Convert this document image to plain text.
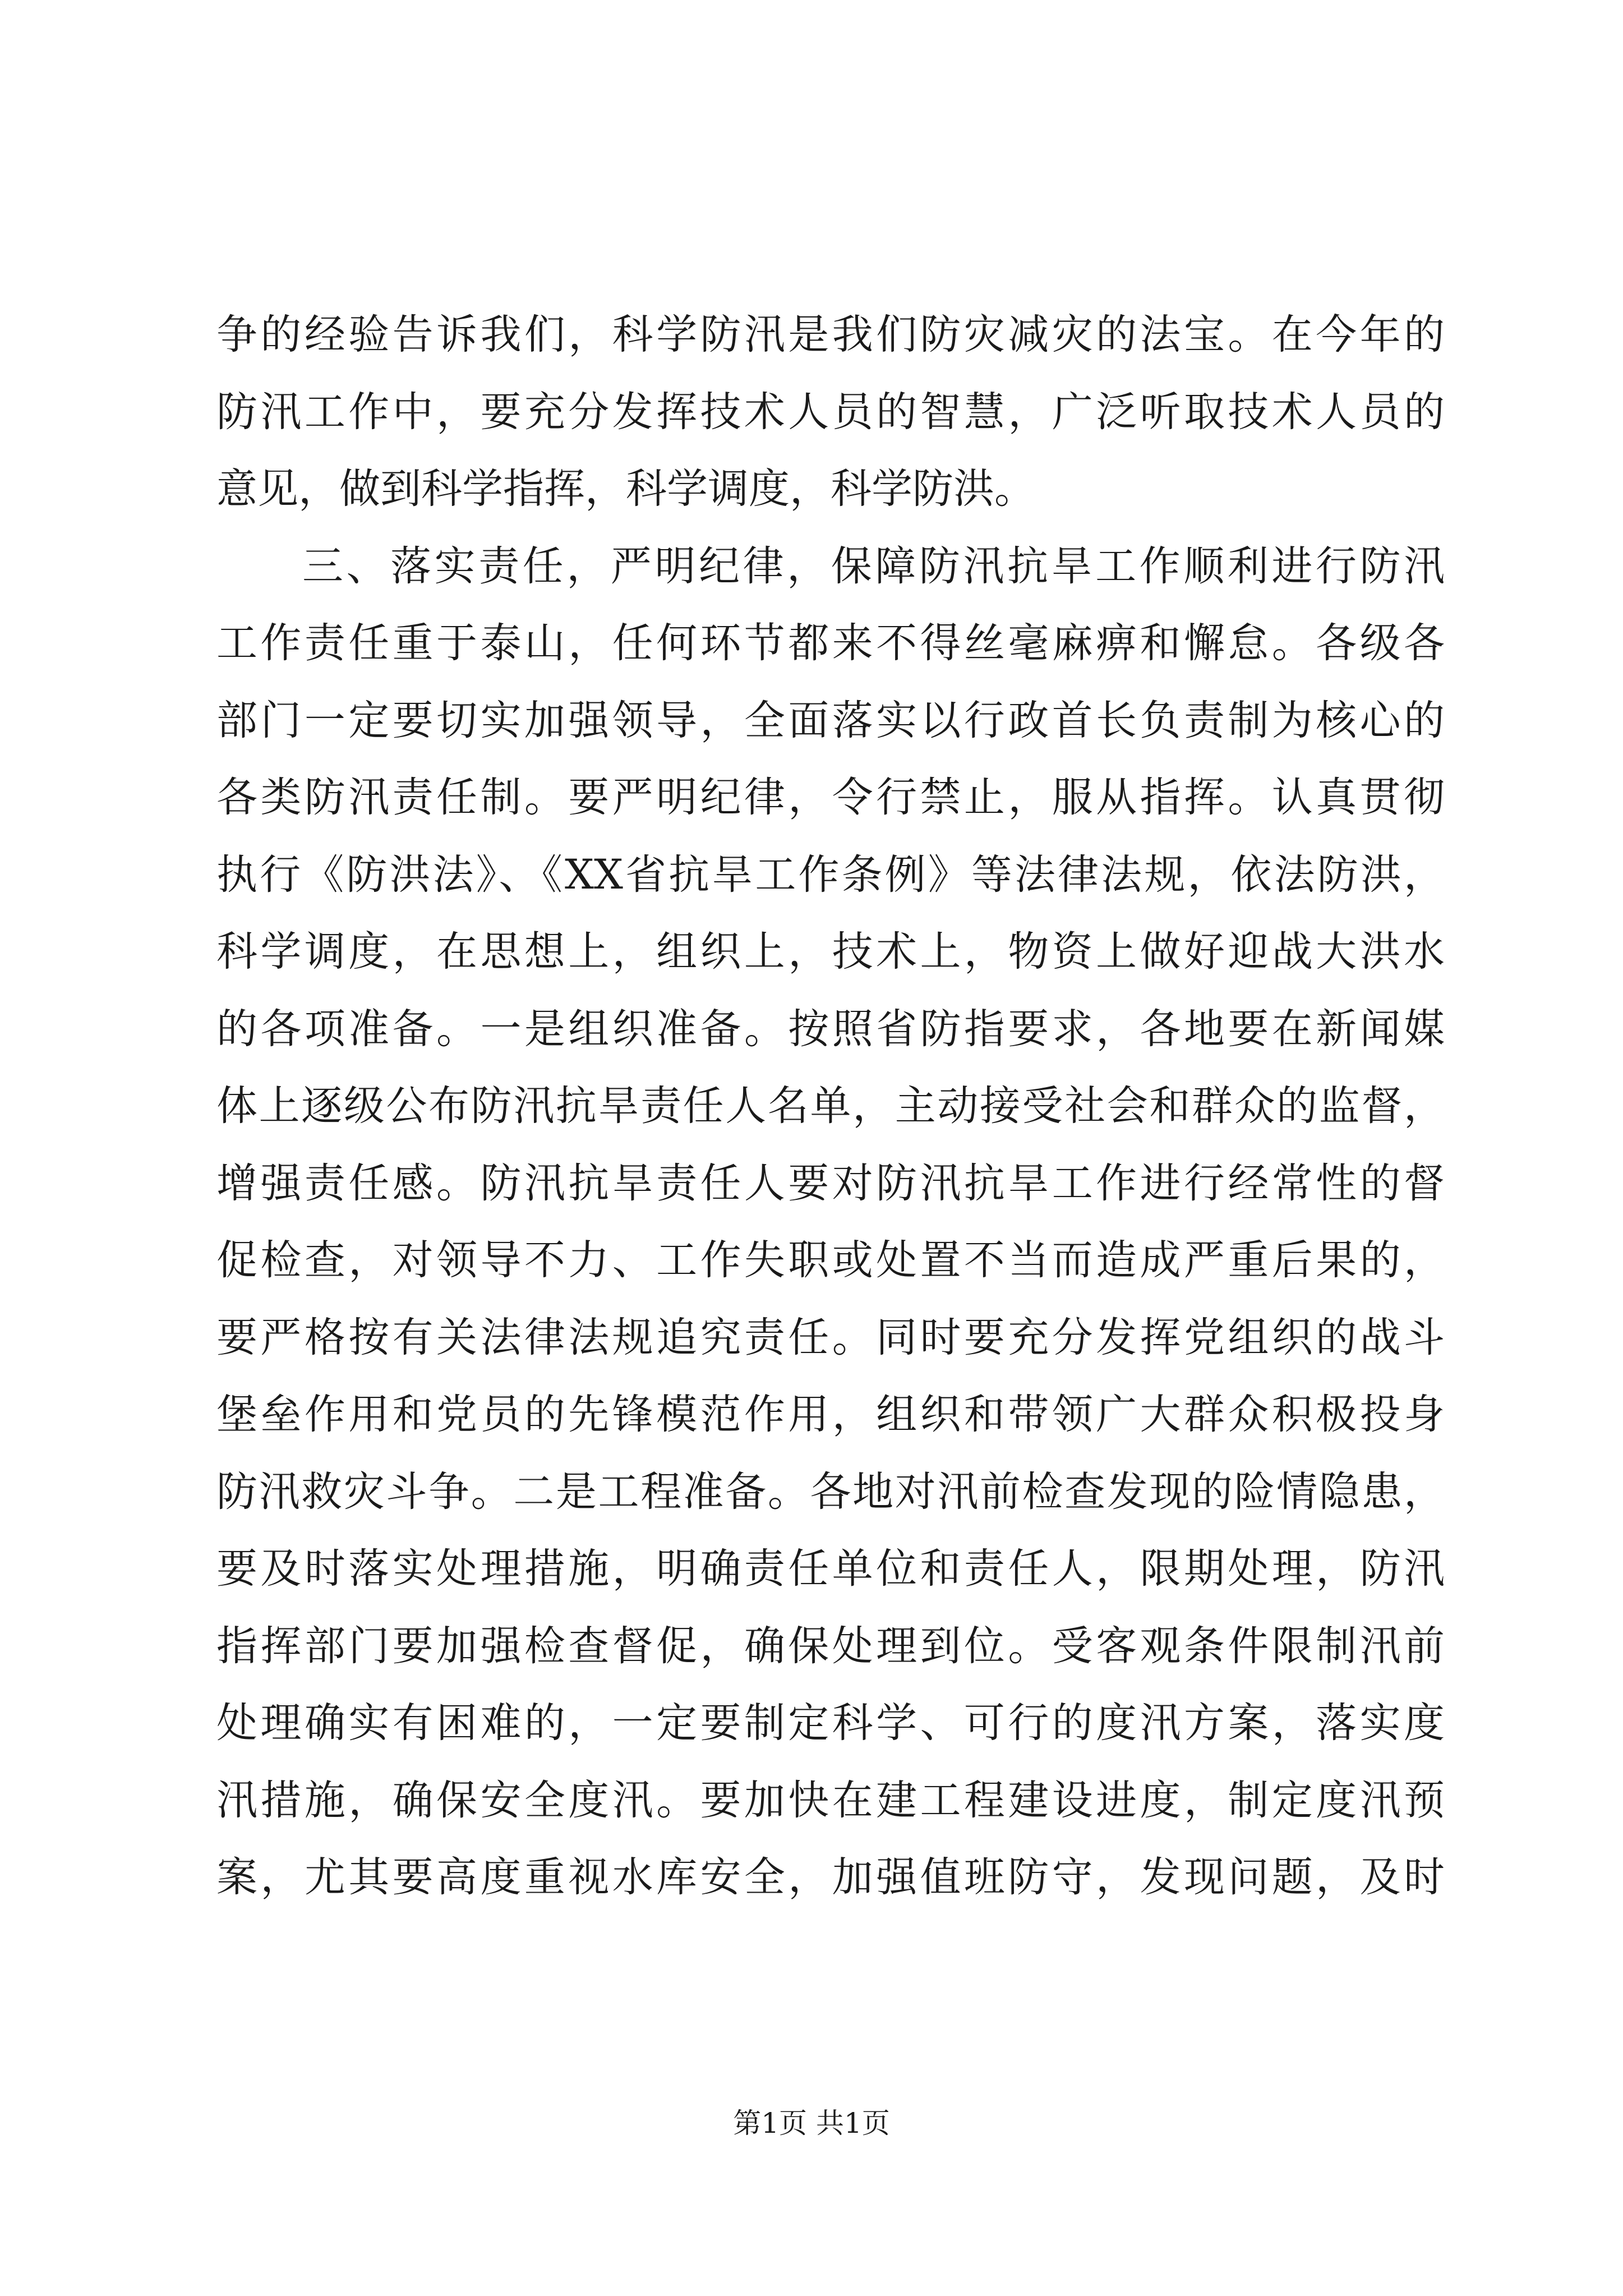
争的经验告诉我们，科学防汛是我们防灾减灾的法宝。在今年的
防汛工作中，要充分发挥技术人员的智慧，广泛听取技术人员的
意见，做到科学指挥，科学调度，科学防洪。
三、落实责任，严明纪律，保障防汛抗旱工作顺利进行防汛
工作责任重于泰山，任何环节都来不得丝毫麻痹和懈怠。各级各
部门一定要切实加强领导，全面落实以行政首长负责制为核心的
各类防汛责任制。要严明纪律，令行禁止，服从指挥。认真贯彻
执行《防洪法》、《XX省抗旱工作条例》等法律法规，依法防洪，
科学调度，在思想上，组织上，技术上，物资上做好迎战大洪水
的各项准备。一是组织准备。按照省防指要求，各地要在新闻媒
体上逐级公布防汛抗旱责任人名单，主动接受社会和群众的监督，
增强责任感。防汛抗旱责任人要对防汛抗旱工作进行经常性的督
促检查，对领导不力、工作失职或处置不当而造成严重后果的，
要严格按有关法律法规追究责任。同时要充分发挥党组织的战斗
堡垒作用和党员的先锋模范作用，组织和带领广大群众积极投身
防汛救灾斗争。二是工程准备。各地对汛前检查发现的险情隐患，
要及时落实处理措施，明确责任单位和责任人，限期处理，防汛
指挥部门要加强检查督促，确保处理到位。受客观条件限制汛前
处理确实有困难的，一定要制定科学、可行的度汛方案，落实度
汛措施，确保安全度汛。要加快在建工程建设进度，制定度汛预
案，尤其要高度重视水库安全，加强值班防守，发现问题，及时
第1页 共1页
